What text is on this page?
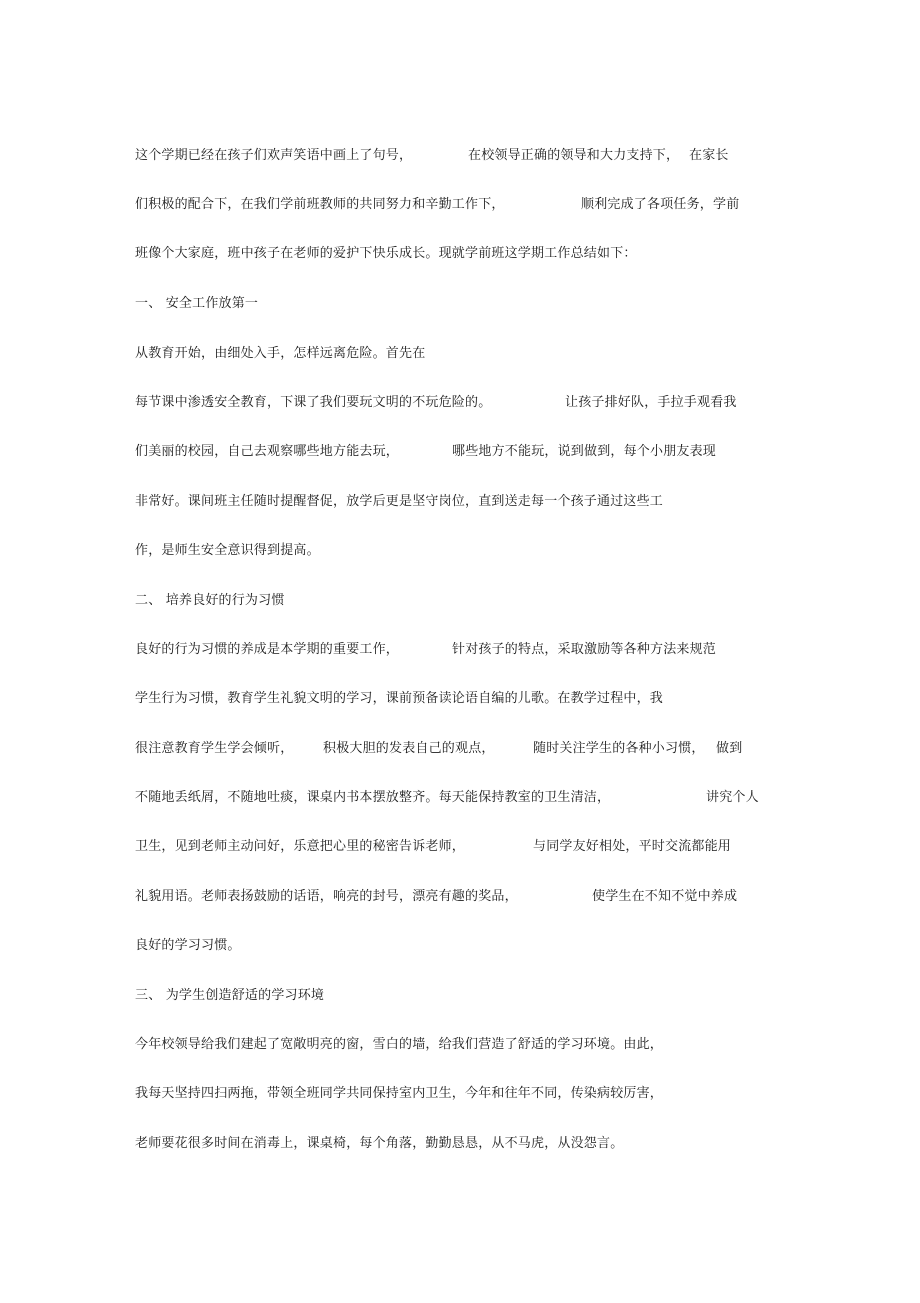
这个学期已经在孩子们欢声笑语中画上了句号，	在校领导正确的领导和大力支持下， 在家长
们积极的配合下，在我们学前班教师的共同努力和辛勤工作下，	顺利完成了各项任务，学前
班像个大家庭，班中孩子在老师的爱护下快乐成长。现就学前班这学期工作总结如下：
一、 安全工作放第一
从教育开始，由细处入手，怎样远离危险。首先在
每节课中渗透安全教育，下课了我们要玩文明的不玩危险的。	让孩子排好队，手拉手观看我
们美丽的校园，自己去观察哪些地方能去玩，	哪些地方不能玩，说到做到，每个小朋友表现
非常好。课间班主任随时提醒督促，放学后更是坚守岗位，直到送走每一个孩子通过这些工
作，是师生安全意识得到提高。
二、 培养良好的行为习惯
良好的行为习惯的养成是本学期的重要工作，	针对孩子的特点，采取激励等各种方法来规范
学生行为习惯，教育学生礼貌文明的学习，课前预备读论语自编的儿歌。在教学过程中，我
很注意教育学生学会倾听， 积极大胆的发表自己的观点，	随时关注学生的各种小习惯， 做到
不随地丢纸屑，不随地吐痰，课桌内书本摆放整齐。每天能保持教室的卫生清洁，	讲究个人
卫生，见到老师主动问好，乐意把心里的秘密告诉老师，	与同学友好相处，平时交流都能用
礼貌用语。老师表扬鼓励的话语，响亮的封号，漂亮有趣的奖品，	使学生在不知不觉中养成
良好的学习习惯。
三、 为学生创造舒适的学习环境
今年校领导给我们建起了宽敞明亮的窗，雪白的墙，给我们营造了舒适的学习环境。由此，
我每天坚持四扫两拖，带领全班同学共同保持室内卫生，今年和往年不同，传染病较厉害，
老师要花很多时间在消毒上，课桌椅，每个角落，勤勤恳恳，从不马虎，从没怨言。
